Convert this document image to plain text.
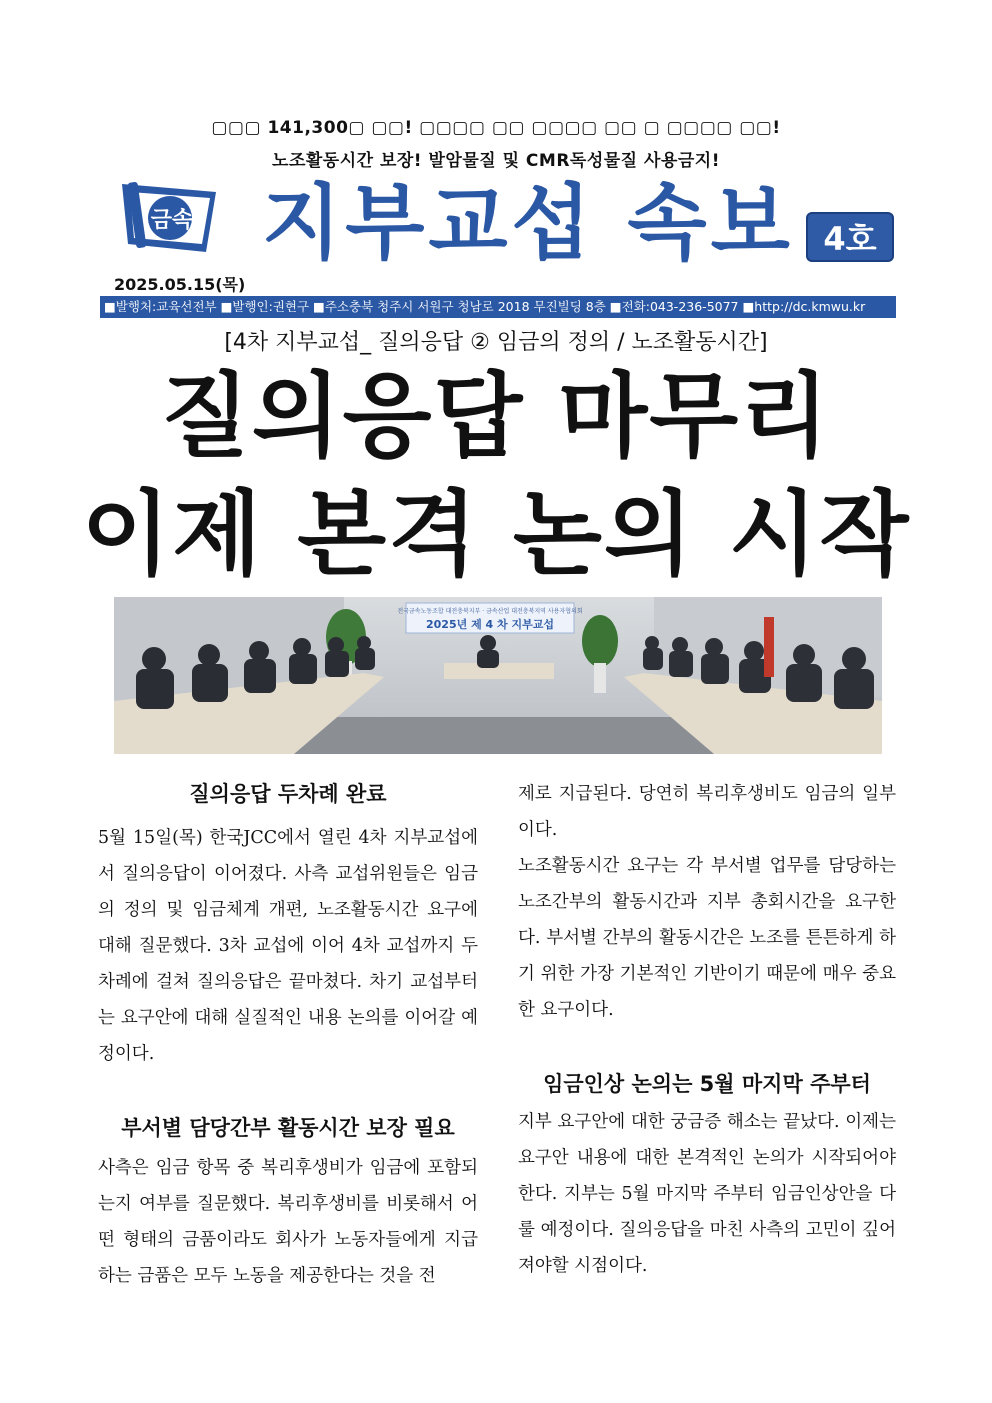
▢▢▢ 141,300▢ ▢▢! ▢▢▢▢ ▢▢ ▢▢▢▢ ▢▢ ▢ ▢▢▢▢ ▢▢!
노조활동시간 보장! 발암물질 및 CMR독성물질 사용금지!
금속 지부교섭 속보 4호
2025.05.15(목)
■발행처:교육선전부 ■발행인:권현구 ■주소충북 청주시 서원구 청남로 2018 무진빌딩 8층 ■전화:043-236-5077 ■http://dc.kmwu.kr
[4차 지부교섭_ 질의응답 ② 임금의 정의 / 노조활동시간]
질의응답 마무리
이제 본격 논의 시작
전국금속노동조합 대전충북지부 · 금속산업 대전충북지역 사용자협의회
2025년 제 4 차 지부교섭
질의응답 두차례 완료

5월 15일(목) 한국JCC에서 열린 4차 지부교섭에서 질의응답이 이어졌다. 사측 교섭위원들은 임금의 정의 및 임금체계 개편, 노조활동시간 요구에 대해 질문했다. 3차 교섭에 이어 4차 교섭까지 두차례에 걸쳐 질의응답은 끝마쳤다. 차기 교섭부터는 요구안에 대해 실질적인 내용 논의를 이어갈 예정이다.

부서별 담당간부 활동시간 보장 필요

사측은 임금 항목 중 복리후생비가 임금에 포함되는지 여부를 질문했다. 복리후생비를 비롯해서 어떤 형태의 금품이라도 회사가 노동자들에게 지급하는 금품은 모두 노동을 제공한다는 것을 전

제로 지급된다. 당연히 복리후생비도 임금의 일부이다.

노조활동시간 요구는 각 부서별 업무를 담당하는 노조간부의 활동시간과 지부 총회시간을 요구한다. 부서별 간부의 활동시간은 노조를 튼튼하게 하기 위한 가장 기본적인 기반이기 때문에 매우 중요한 요구이다.

임금인상 논의는 5월 마지막 주부터

지부 요구안에 대한 궁금증 해소는 끝났다. 이제는 요구안 내용에 대한 본격적인 논의가 시작되어야 한다. 지부는 5월 마지막 주부터 임금인상안을 다룰 예정이다. 질의응답을 마친 사측의 고민이 깊어져야할 시점이다.
